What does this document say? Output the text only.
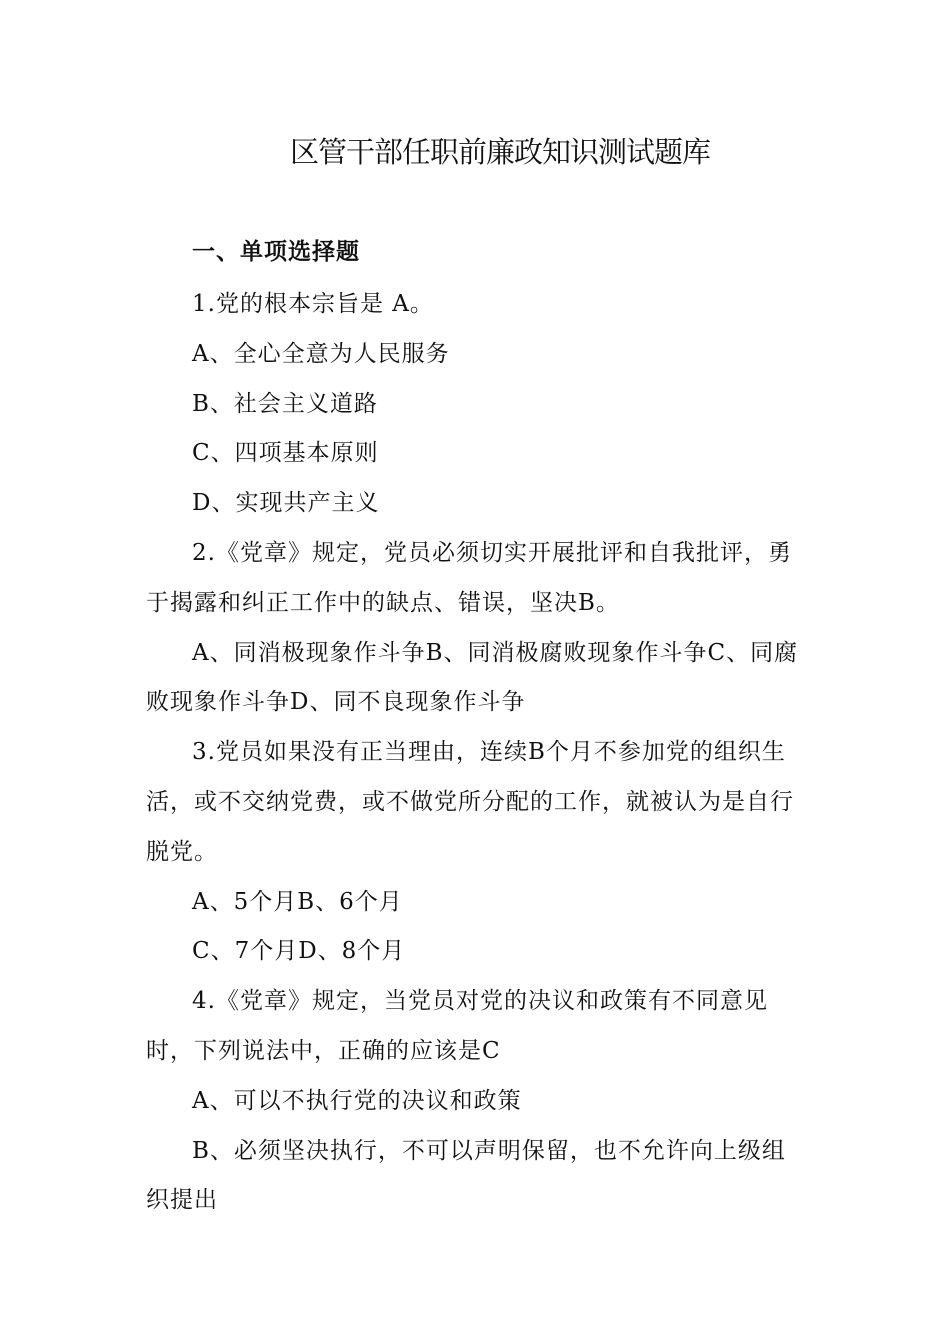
区管干部任职前廉政知识测试题库
一、单项选择题

1.党的根本宗旨是 A。

A、全心全意为人民服务

B、社会主义道路

C、四项基本原则

D、实现共产主义

2.《党章》规定，党员必须切实开展批评和自我批评，勇于揭露和纠正工作中的缺点、错误，坚决B。

A、同消极现象作斗争B、同消极腐败现象作斗争C、同腐败现象作斗争D、同不良现象作斗争

3.党员如果没有正当理由，连续B个月不参加党的组织生活，或不交纳党费，或不做党所分配的工作，就被认为是自行脱党。

A、5个月B、6个月

C、7个月D、8个月

4.《党章》规定，当党员对党的决议和政策有不同意见时，下列说法中，正确的应该是C

A、可以不执行党的决议和政策

B、必须坚决执行，不可以声明保留，也不允许向上级组织提出
